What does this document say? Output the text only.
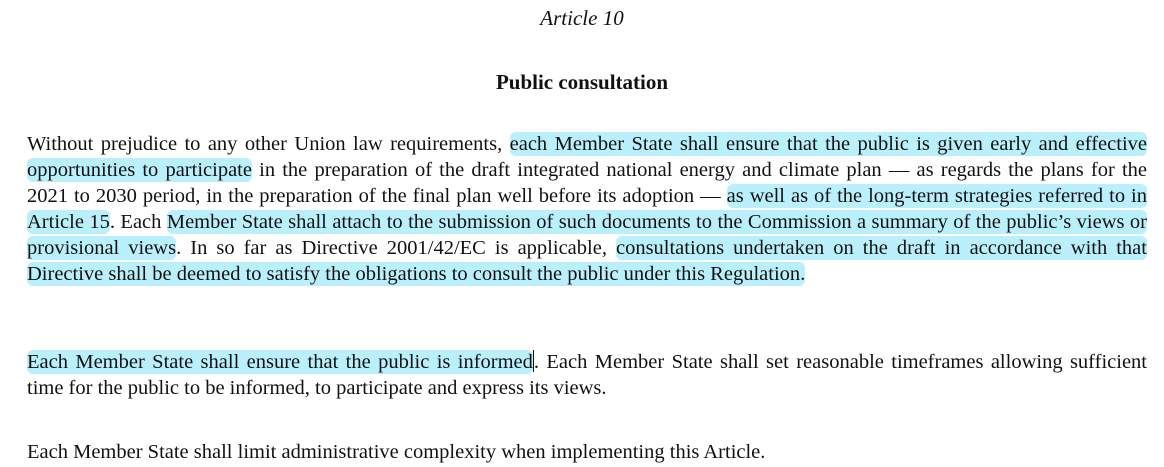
Article 10
Public consultation

Without prejudice to any other Union law requirements, each Member State shall ensure that the public is given early and effective opportunities to participate in the preparation of the draft integrated national energy and climate plan — as regards the plans for the 2021 to 2030 period, in the preparation of the final plan well before its adoption — as well as of the long-term strategies referred to in Article 15. Each Member State shall attach to the submission of such documents to the Commission a summary of the public’s views or provisional views. In so far as Directive 2001/42/EC is applicable, consultations undertaken on the draft in accordance with that Directive shall be deemed to satisfy the obligations to consult the public under this Regulation.

Each Member State shall ensure that the public is informed. Each Member State shall set reasonable timeframes allowing sufficient time for the public to be informed, to participate and express its views.

Each Member State shall limit administrative complexity when implementing this Article.
